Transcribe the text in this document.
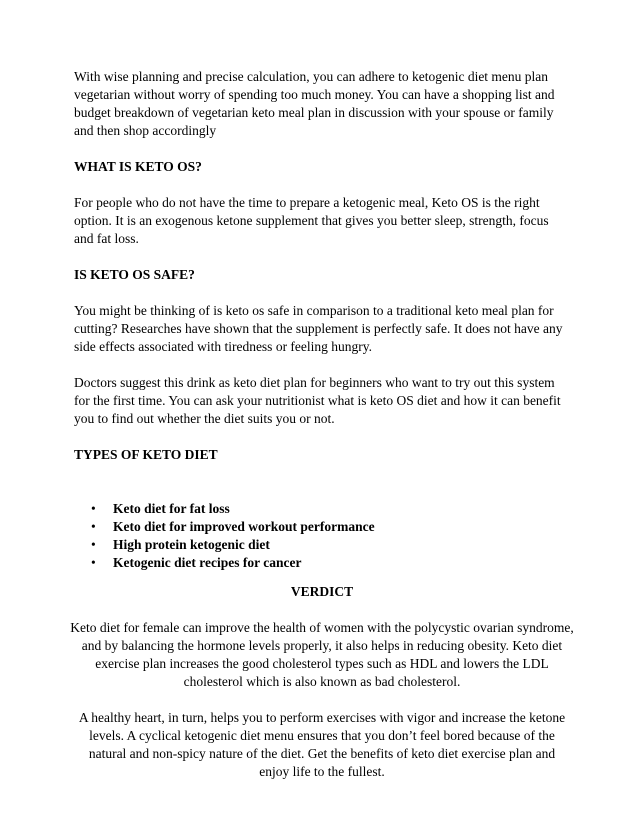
With wise planning and precise calculation, you can adhere to ketogenic diet menu plan vegetarian without worry of spending too much money. You can have a shopping list and budget breakdown of vegetarian keto meal plan in discussion with your spouse or family and then shop accordingly

WHAT IS KETO OS?

For people who do not have the time to prepare a ketogenic meal, Keto OS is the right option. It is an exogenous ketone supplement that gives you better sleep, strength, focus and fat loss.

IS KETO OS SAFE?

You might be thinking of is keto os safe in comparison to a traditional keto meal plan for cutting? Researches have shown that the supplement is perfectly safe. It does not have any side effects associated with tiredness or feeling hungry.

Doctors suggest this drink as keto diet plan for beginners who want to try out this system for the first time. You can ask your nutritionist what is keto OS diet and how it can benefit you to find out whether the diet suits you or not.

TYPES OF KETO DIET
• Keto diet for fat loss
• Keto diet for improved workout performance
• High protein ketogenic diet
• Ketogenic diet recipes for cancer
VERDICT

Keto diet for female can improve the health of women with the polycystic ovarian syndrome, and by balancing the hormone levels properly, it also helps in reducing obesity. Keto diet exercise plan increases the good cholesterol types such as HDL and lowers the LDL cholesterol which is also known as bad cholesterol.

A healthy heart, in turn, helps you to perform exercises with vigor and increase the ketone levels. A cyclical ketogenic diet menu ensures that you don’t feel bored because of the natural and non-spicy nature of the diet. Get the benefits of keto diet exercise plan and enjoy life to the fullest.
